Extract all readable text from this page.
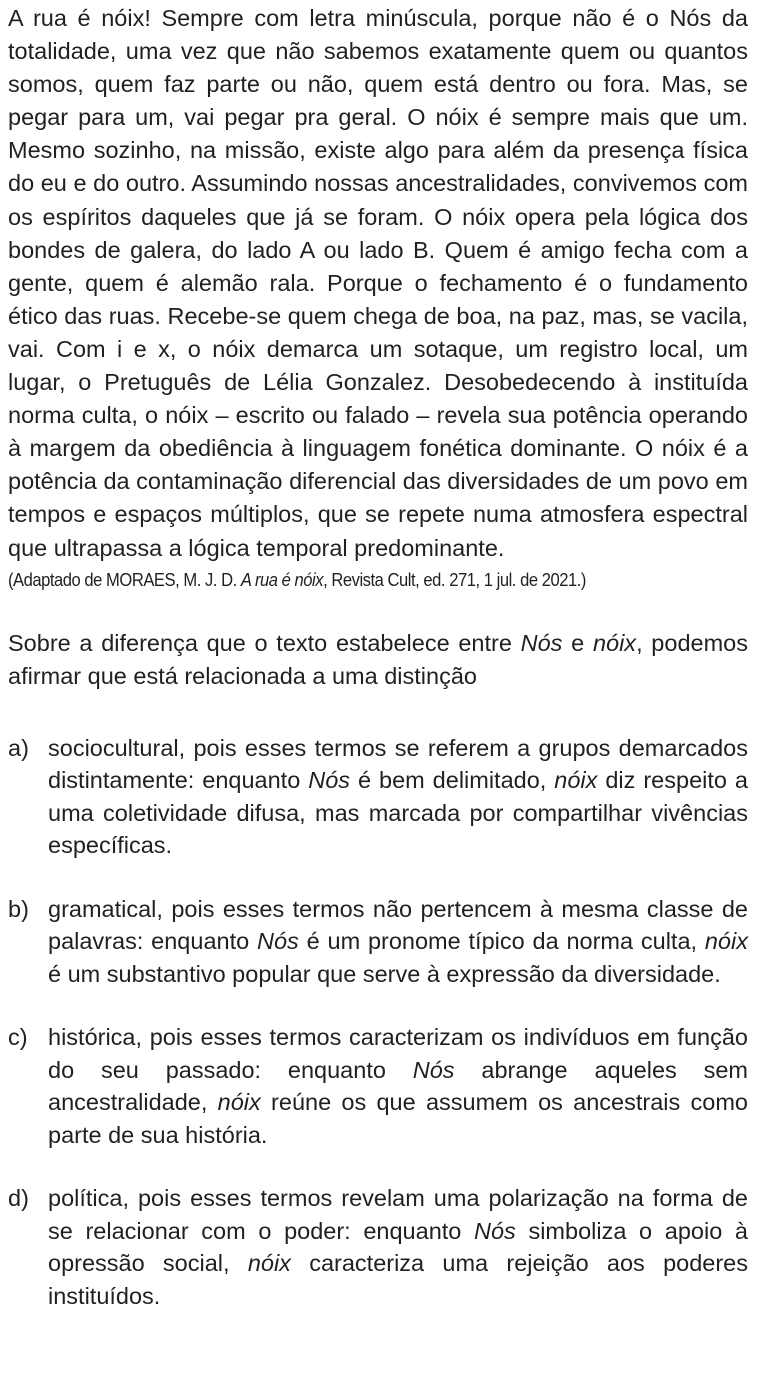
A rua é nóix! Sempre com letra minúscula, porque não é o Nós da totalidade, uma vez que não sabemos exatamente quem ou quantos somos, quem faz parte ou não, quem está dentro ou fora. Mas, se pegar para um, vai pegar pra geral. O nóix é sempre mais que um. Mesmo sozinho, na missão, existe algo para além da presença física do eu e do outro. Assumindo nossas ancestralidades, convivemos com os espíritos daqueles que já se foram. O nóix opera pela lógica dos bondes de galera, do lado A ou lado B. Quem é amigo fecha com a gente, quem é alemão rala. Porque o fechamento é o fundamento ético das ruas. Recebe-se quem chega de boa, na paz, mas, se vacila, vai. Com i e x, o nóix demarca um sotaque, um registro local, um lugar, o Pretuguês de Lélia Gonzalez. Desobedecendo à instituída norma culta, o nóix – escrito ou falado – revela sua potência operando à margem da obediência à linguagem fonética dominante. O nóix é a potência da contaminação diferencial das diversidades de um povo em tempos e espaços múltiplos, que se repete numa atmosfera espectral que ultrapassa a lógica temporal predominante.

(Adaptado de MORAES, M. J. D. A rua é nóix, Revista Cult, ed. 271, 1 jul. de 2021.)

Sobre a diferença que o texto estabelece entre Nós e nóix, podemos afirmar que está relacionada a uma distinção

a) sociocultural, pois esses termos se referem a grupos demarcados distintamente: enquanto Nós é bem delimitado, nóix diz respeito a uma coletividade difusa, mas marcada por compartilhar vivências específicas.
b) gramatical, pois esses termos não pertencem à mesma classe de palavras: enquanto Nós é um pronome típico da norma culta, nóix é um substantivo popular que serve à expressão da diversidade.
c) histórica, pois esses termos caracterizam os indivíduos em função do seu passado: enquanto Nós abrange aqueles sem ancestralidade, nóix reúne os que assumem os ancestrais como parte de sua história.
d) política, pois esses termos revelam uma polarização na forma de se relacionar com o poder: enquanto Nós simboliza o apoio à opressão social, nóix caracteriza uma rejeição aos poderes instituídos.
